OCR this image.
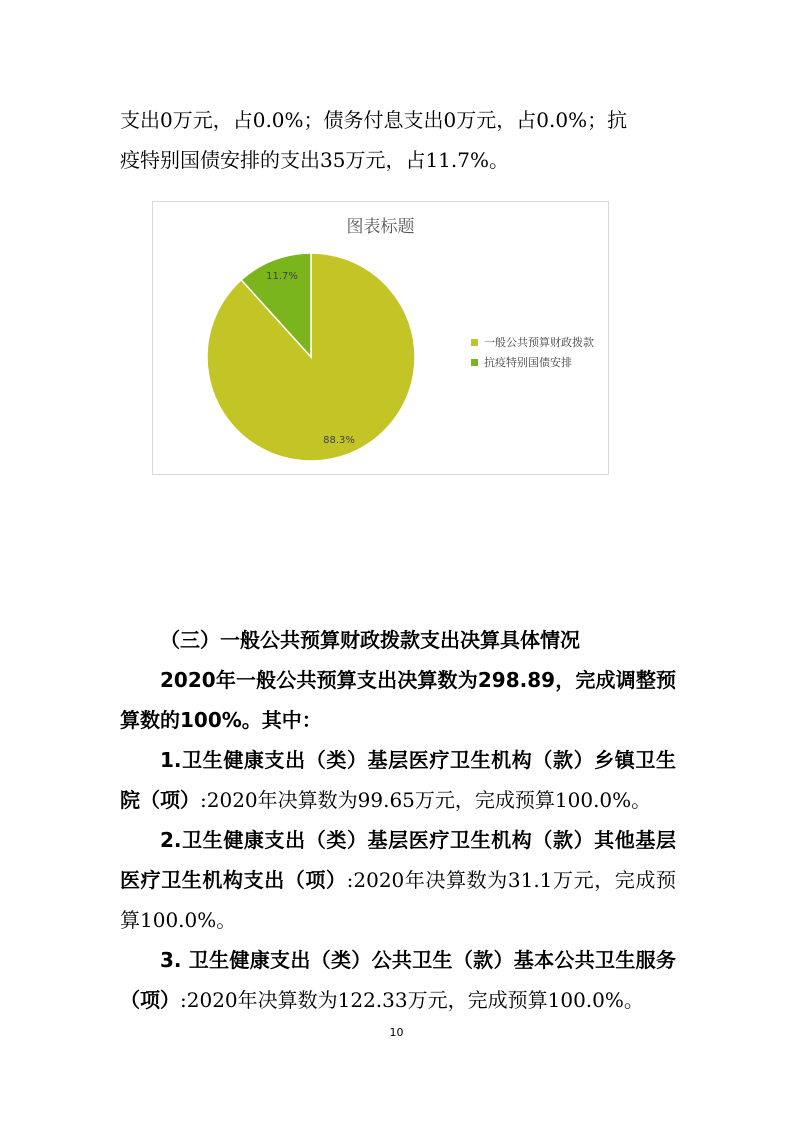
支出0万元，占0.0%；债务付息支出0万元，占0.0%；抗
疫特别国债安排的支出35万元，占11.7%。

图表标题
88.3%
11.7%
一般公共预算财政拨款
抗疫特别国债安排

（三）一般公共预算财政拨款支出决算具体情况

2020年一般公共预算支出决算数为298.89，完成调整预算数的100%。其中：

1.卫生健康支出（类）基层医疗卫生机构（款）乡镇卫生院（项）:2020年决算数为99.65万元，完成预算100.0%。

2.卫生健康支出（类）基层医疗卫生机构（款）其他基层医疗卫生机构支出（项）:2020年决算数为31.1万元，完成预算100.0%。

3. 卫生健康支出（类）公共卫生（款）基本公共卫生服务（项）:2020年决算数为122.33万元，完成预算100.0%。

10
